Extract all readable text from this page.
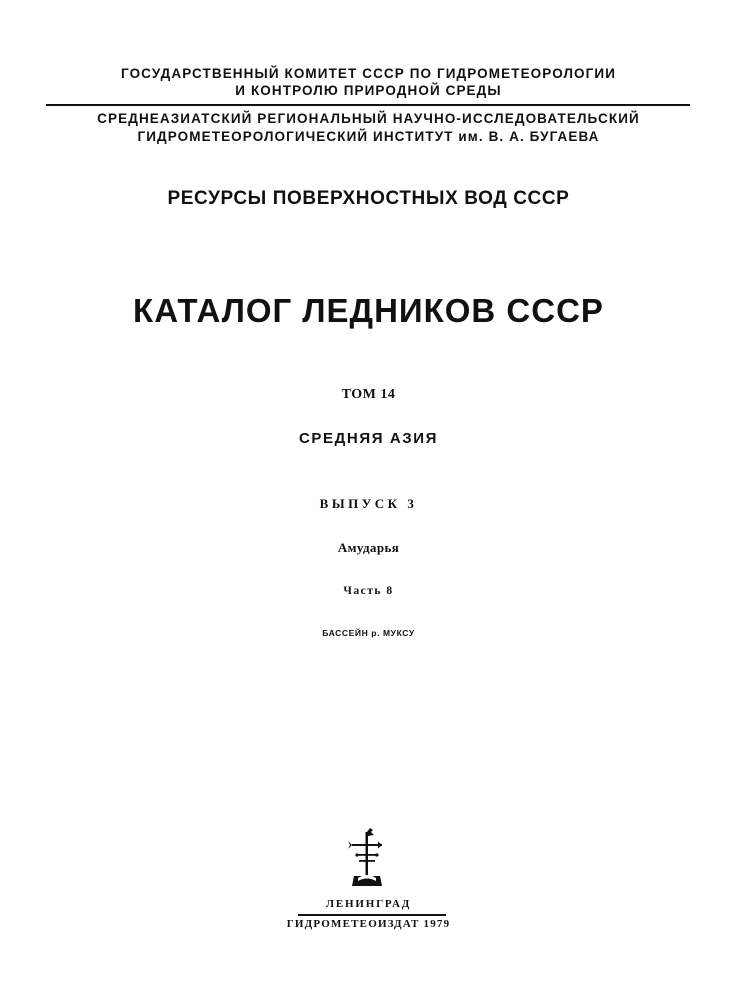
ГОСУДАРСТВЕННЫЙ КОМИТЕТ СССР ПО ГИДРОМЕТЕОРОЛОГИИ
И КОНТРОЛЮ ПРИРОДНОЙ СРЕДЫ
СРЕДНЕАЗИАТСКИЙ РЕГИОНАЛЬНЫЙ НАУЧНО-ИССЛЕДОВАТЕЛЬСКИЙ
ГИДРОМЕТЕОРОЛОГИЧЕСКИЙ ИНСТИТУТ им. В. А. БУГАЕВА
РЕСУРСЫ ПОВЕРХНОСТНЫХ ВОД СССР
КАТАЛОГ ЛЕДНИКОВ СССР
ТОМ 14
СРЕДНЯЯ АЗИЯ
ВЫПУСК 3
Амударья
Часть 8
БАССЕЙН р. МУКСУ
ЛЕНИНГРАД
ГИДРОМЕТЕОИЗДАТ 1979
